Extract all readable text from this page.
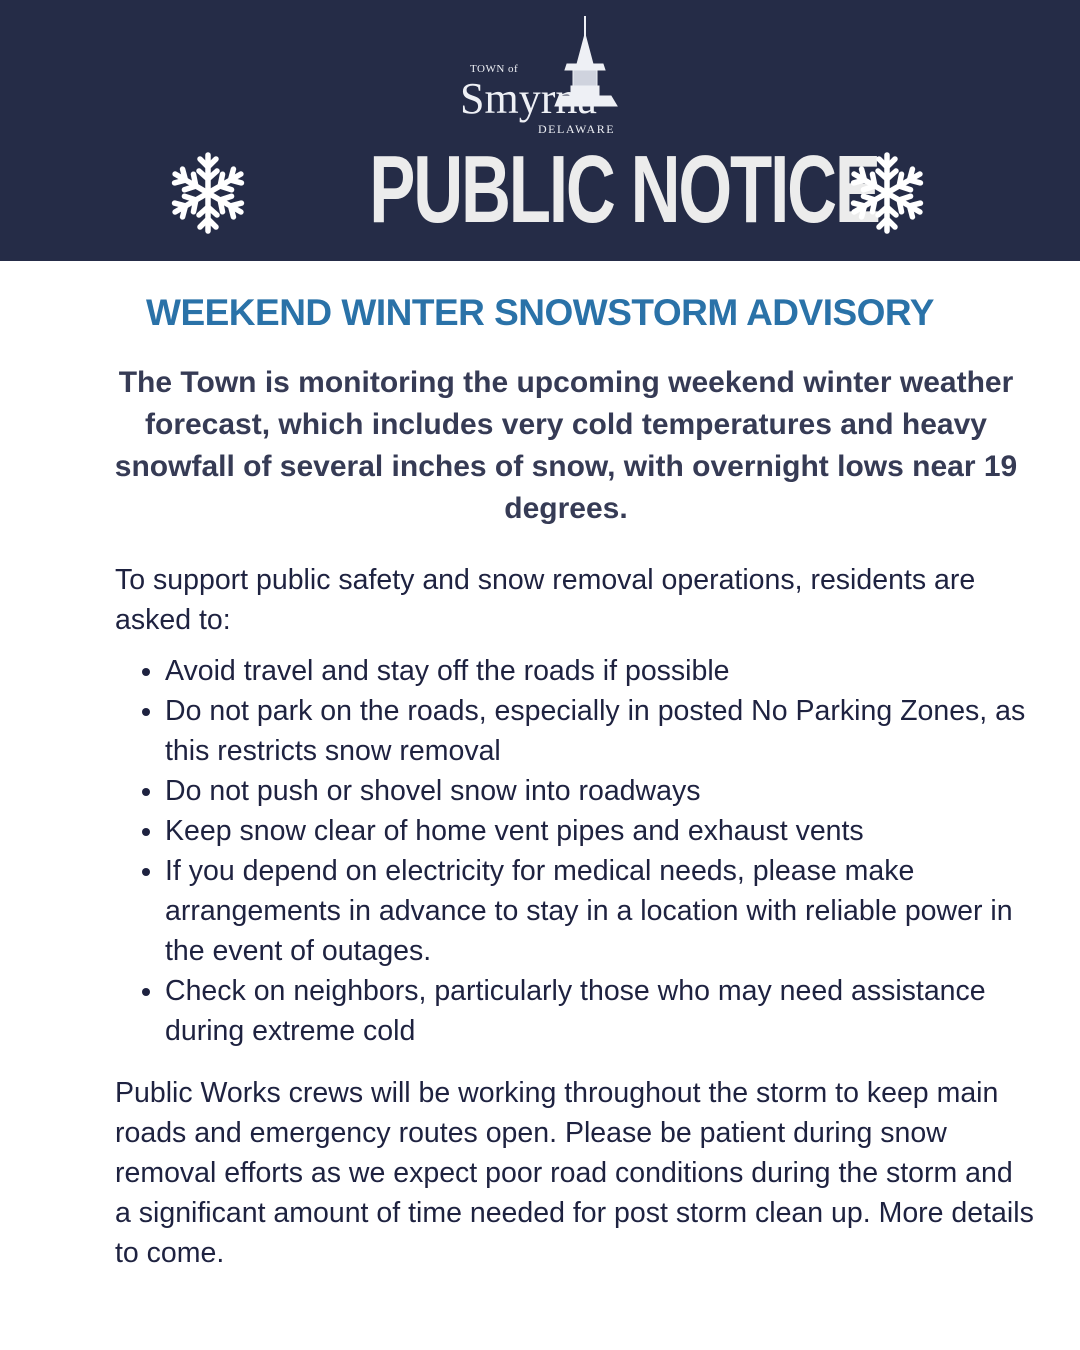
TOWN of
Smyrna
DELAWARE
PUBLIC NOTICE
WEEKEND WINTER SNOWSTORM ADVISORY
The Town is monitoring the upcoming weekend winter weather forecast, which includes very cold temperatures and heavy snowfall of several inches of snow, with overnight lows near 19 degrees.
To support public safety and snow removal operations, residents are asked to:
• Avoid travel and stay off the roads if possible
• Do not park on the roads, especially in posted No Parking Zones, as this restricts snow removal
• Do not push or shovel snow into roadways
• Keep snow clear of home vent pipes and exhaust vents
• If you depend on electricity for medical needs, please make arrangements in advance to stay in a location with reliable power in the event of outages.
• Check on neighbors, particularly those who may need assistance during extreme cold
Public Works crews will be working throughout the storm to keep main roads and emergency routes open. Please be patient during snow removal efforts as we expect poor road conditions during the storm and a significant amount of time needed for post storm clean up. More details to come.
